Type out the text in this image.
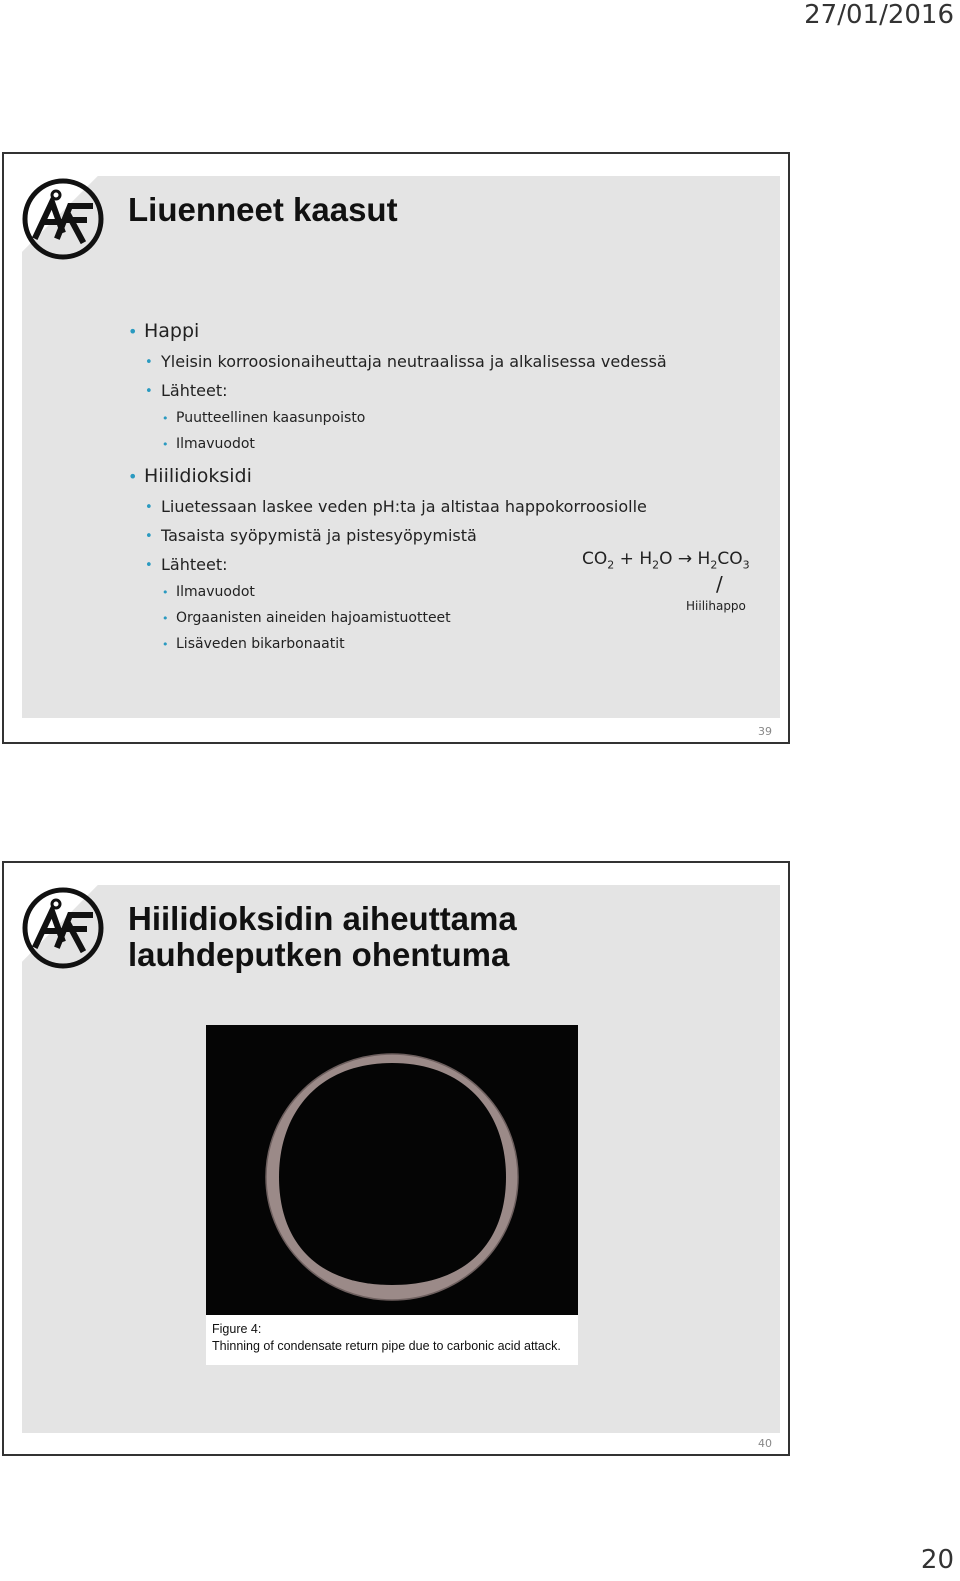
27/01/2016
Liuenneet kaasut
• Happi
• Yleisin korroosionaiheuttaja neutraalissa ja alkalisessa vedessä
• Lähteet:
• Puutteellinen kaasunpoisto
• Ilmavuodot
• Hiilidioksidi
• Liuetessaan laskee veden pH:ta ja altistaa happokorroosiolle
• Tasaista syöpymistä ja pistesyöpymistä
• Lähteet:
• Ilmavuodot
• Orgaanisten aineiden hajoamistuotteet
• Lisäveden bikarbonaatit
$CO_2 + H_2O \to H_2CO_3$
/
Hiilihappo
39
Hiilidioksidin aiheuttama lauhdeputken ohentuma
Figure 4:
Thinning of condensate return pipe due to carbonic acid attack.
40
20
